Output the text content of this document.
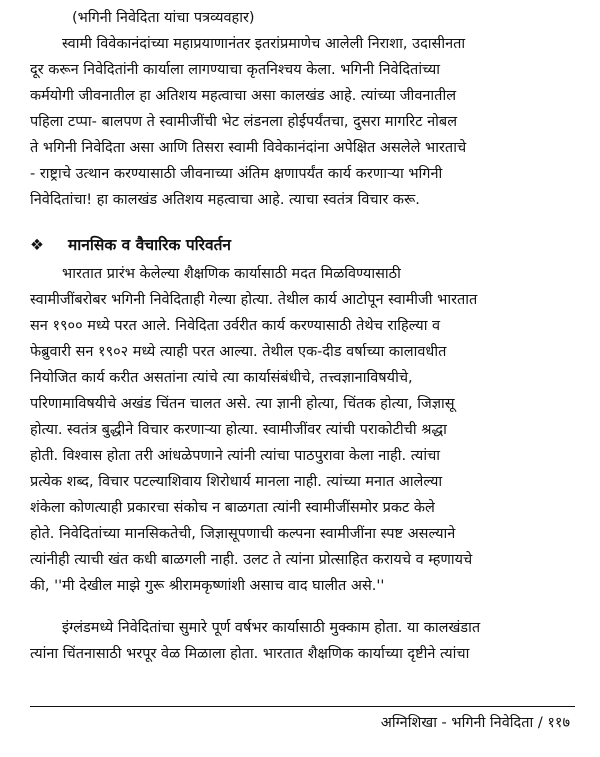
(भगिनी निवेदिता यांचा पत्रव्यवहार)
स्वामी विवेकानंदांच्या महाप्रयाणानंतर इतरांप्रमाणेच आलेली निराशा, उदासीनता
दूर करून निवेदितांनी कार्याला लागण्याचा कृतनिश्चय केला. भगिनी निवेदितांच्या
कर्मयोगी जीवनातील हा अतिशय महत्वाचा असा कालखंड आहे. त्यांच्या जीवनातील
पहिला टप्पा- बालपण ते स्वामीजींची भेट लंडनला होईपर्यंतचा, दुसरा मागरिट नोबल
ते भगिनी निवेदिता असा आणि तिसरा स्वामी विवेकानंदांना अपेक्षित असलेले भारताचे
- राष्ट्राचे उत्थान करण्यासाठी जीवनाच्या अंतिम क्षणापर्यंत कार्य करणाऱ्या भगिनी
निवेदितांचा! हा कालखंड अतिशय महत्वाचा आहे. त्याचा स्वतंत्र विचार करू.
❖ मानसिक व वैचारिक परिवर्तन
भारतात प्रारंभ केलेल्या शैक्षणिक कार्यासाठी मदत मिळविण्यासाठी
स्वामीजींबरोबर भगिनी निवेदिताही गेल्या होत्या. तेथील कार्य आटोपून स्वामीजी भारतात
सन १९०० मध्ये परत आले. निवेदिता उर्वरीत कार्य करण्यासाठी तेथेच राहिल्या व
फेब्रुवारी सन १९०२ मध्ये त्याही परत आल्या. तेथील एक-दीड वर्षाच्या कालावधीत
नियोजित कार्य करीत असतांना त्यांचे त्या कार्यासंबंधीचे, तत्त्वज्ञानाविषयीचे,
परिणामाविषयीचे अखंड चिंतन चालत असे. त्या ज्ञानी होत्या, चिंतक होत्या, जिज्ञासू
होत्या. स्वतंत्र बुद्धीने विचार करणाऱ्या होत्या. स्वामीजींवर त्यांची पराकोटीची श्रद्धा
होती. विश्वास होता तरी आंधळेपणाने त्यांनी त्यांचा पाठपुरावा केला नाही. त्यांचा
प्रत्येक शब्द, विचार पटल्याशिवाय शिरोधार्य मानला नाही. त्यांच्या मनात आलेल्या
शंकेला कोणत्याही प्रकारचा संकोच न बाळगता त्यांनी स्वामीजींसमोर प्रकट केले
होते. निवेदितांच्या मानसिकतेची, जिज्ञासूपणाची कल्पना स्वामीजींना स्पष्ट असल्याने
त्यांनीही त्याची खंत कधी बाळगली नाही. उलट ते त्यांना प्रोत्साहित करायचे व म्हणायचे
की, ''मी देखील माझे गुरू श्रीरामकृष्णांशी असाच वाद घालीत असे.''
इंग्लंडमध्ये निवेदितांचा सुमारे पूर्ण वर्षभर कार्यासाठी मुक्काम होता. या कालखंडात
त्यांना चिंतनासाठी भरपूर वेळ मिळाला होता. भारतात शैक्षणिक कार्याच्या दृष्टीने त्यांचा
अग्निशिखा - भगिनी निवेदिता / ११७
